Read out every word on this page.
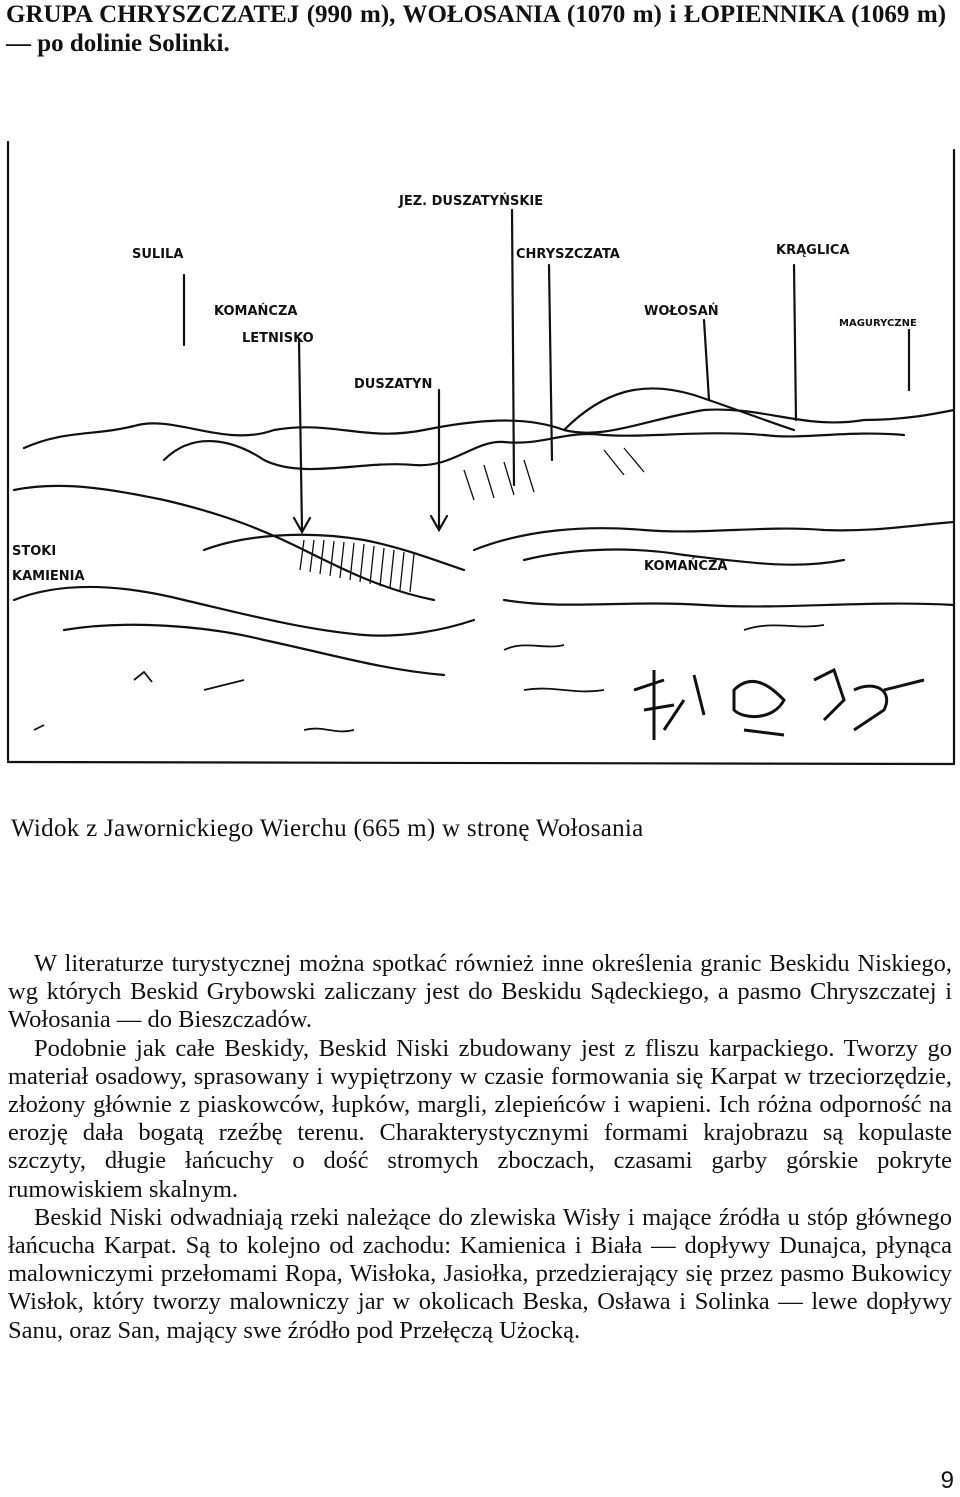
GRUPA CHRYSZCZATEJ (990 m), WOŁOSANIA (1070 m) i ŁOPIENNIKA (1069 m) — po dolinie Solinki.
JEZ. DUSZATYŃSKIE
SULILA	CHRYSZCZATA	KRĄGLICA
KOMAŃCZA
LETNISKO
WOŁOSAŃ
MAGURYCZNE
DUSZATYN
STOKI
KAMIENIA
KOMAŃCZA

Widok z Jawornickiego Wierchu (665 m) w stronę Wołosania

W literaturze turystycznej można spotkać również inne określenia granic Beskidu Niskiego, wg których Beskid Grybowski zaliczany jest do Beskidu Sądeckiego, a pasmo Chryszczatej i Wołosania — do Bieszczadów.

Podobnie jak całe Beskidy, Beskid Niski zbudowany jest z fliszu karpackiego. Tworzy go materiał osadowy, sprasowany i wypiętrzony w czasie formowania się Karpat w trzeciorzędzie, złożony głównie z piaskowców, łupków, margli, zlepieńców i wapieni. Ich różna odporność na erozję dała bogatą rzeźbę terenu. Charakterystycznymi formami krajobrazu są kopulaste szczyty, długie łańcuchy o dość stromych zboczach, czasami garby górskie pokryte rumowiskiem skalnym.

Beskid Niski odwadniają rzeki należące do zlewiska Wisły i mające źródła u stóp głównego łańcucha Karpat. Są to kolejno od zachodu: Kamienica i Biała — dopływy Dunajca, płynąca malowniczymi przełomami Ropa, Wisłoka, Jasiołka, przedzierający się przez pasmo Bukowicy Wisłok, który tworzy malowniczy jar w okolicach Beska, Osława i Solinka — lewe dopływy Sanu, oraz San, mający swe źródło pod Przełęczą Użocką.

9
